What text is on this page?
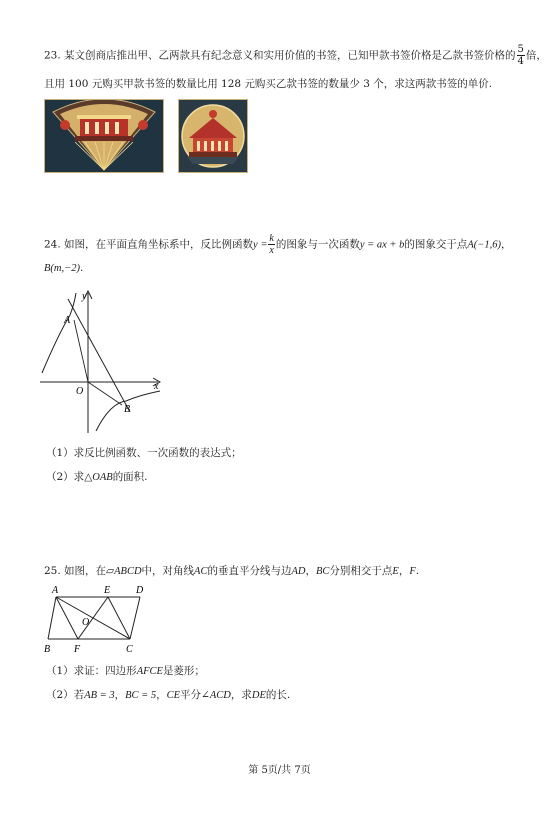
23. 某文创商店推出甲、乙两款具有纪念意义和实用价值的书签，已知甲款书签价格是乙款书签价格的 $\frac{5}{4}$ 倍，
且用 100 元购买甲款书签的数量比用 128 元购买乙款书签的数量少 3 个，求这两款书签的单价.
24. 如图，在平面直角坐标系中，反比例函数$y = \frac{k}{x}$ 的图象与一次函数y = ax + b的图象交于点A(−1,6)，
B(m,−2).
y
A
O	x
B
（1）求反比例函数、一次函数的表达式；
（2）求△OAB的面积.
25. 如图，在▱ABCD中，对角线AC的垂直平分线与边AD，BC分别相交于点E，F.
A	E	D
O
B F	C
（1）求证：四边形AFCE是菱形；
（2）若AB = 3，BC = 5，CE平分∠ACD，求DE的长.
第 5页/共 7页
